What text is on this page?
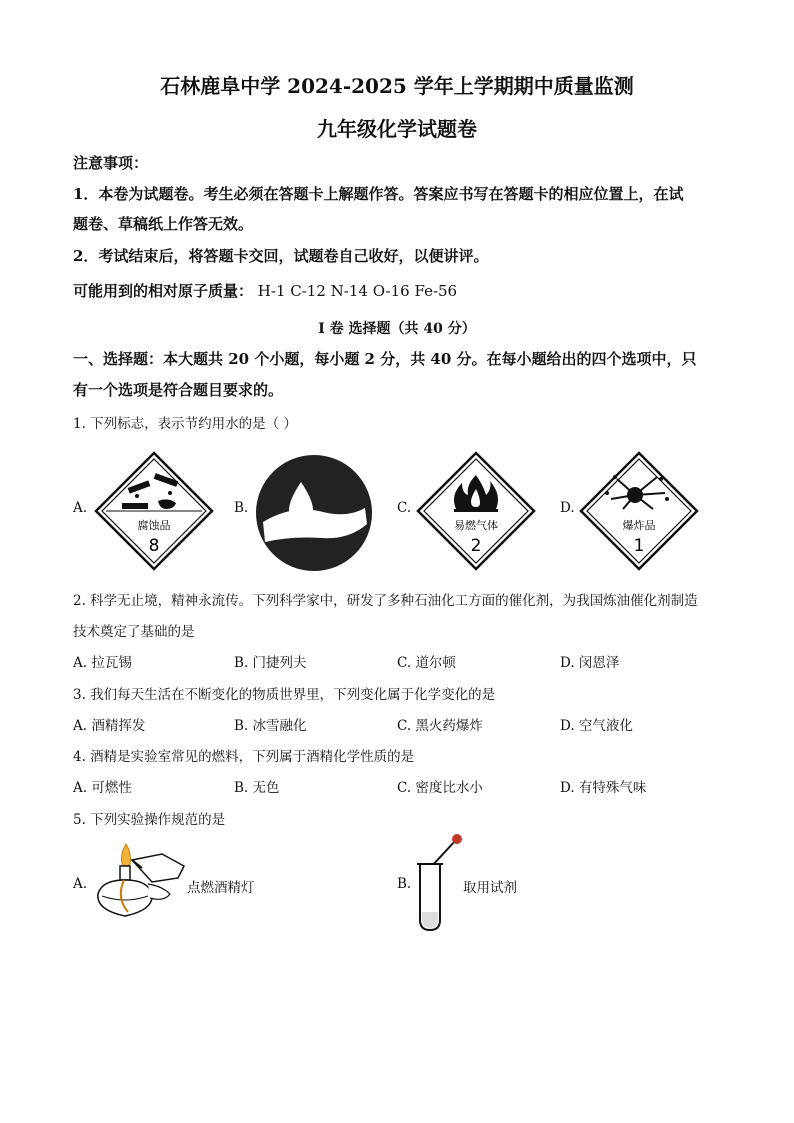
石林鹿阜中学 2024-2025 学年上学期期中质量监测
九年级化学试题卷
注意事项：
1．本卷为试题卷。考生必须在答题卡上解题作答。答案应书写在答题卡的相应位置上，在试
题卷、草稿纸上作答无效。
2．考试结束后，将答题卡交回，试题卷自己收好，以便讲评。
可能用到的相对原子质量： H-1 C-12 N-14 O-16 Fe-56
I 卷 选择题（共 40 分）
一、选择题：本大题共 20 个小题，每小题 2 分，共 40 分。在每小题给出的四个选项中，只
有一个选项是符合题目要求的。
1. 下列标志，表示节约用水的是（ ）
A.
腐蚀品
8
B.	C.
易燃气体
2
D.
爆炸品
1
2. 科学无止境，精神永流传。下列科学家中，研发了多种石油化工方面的催化剂，为我国炼油催化剂制造
技术奠定了基础的是
A. 拉瓦锡	B. 门捷列夫	C. 道尔顿	D. 闵恩泽
3. 我们每天生活在不断变化的物质世界里，下列变化属于化学变化的是
A. 酒精挥发	B. 冰雪融化	C. 黑火药爆炸	D. 空气液化
4. 酒精是实验室常见的燃料，下列属于酒精化学性质的是
A. 可燃性	B. 无色	C. 密度比水小	D. 有特殊气味
5. 下列实验操作规范的是
A.	点燃酒精灯	B.	取用试剂
